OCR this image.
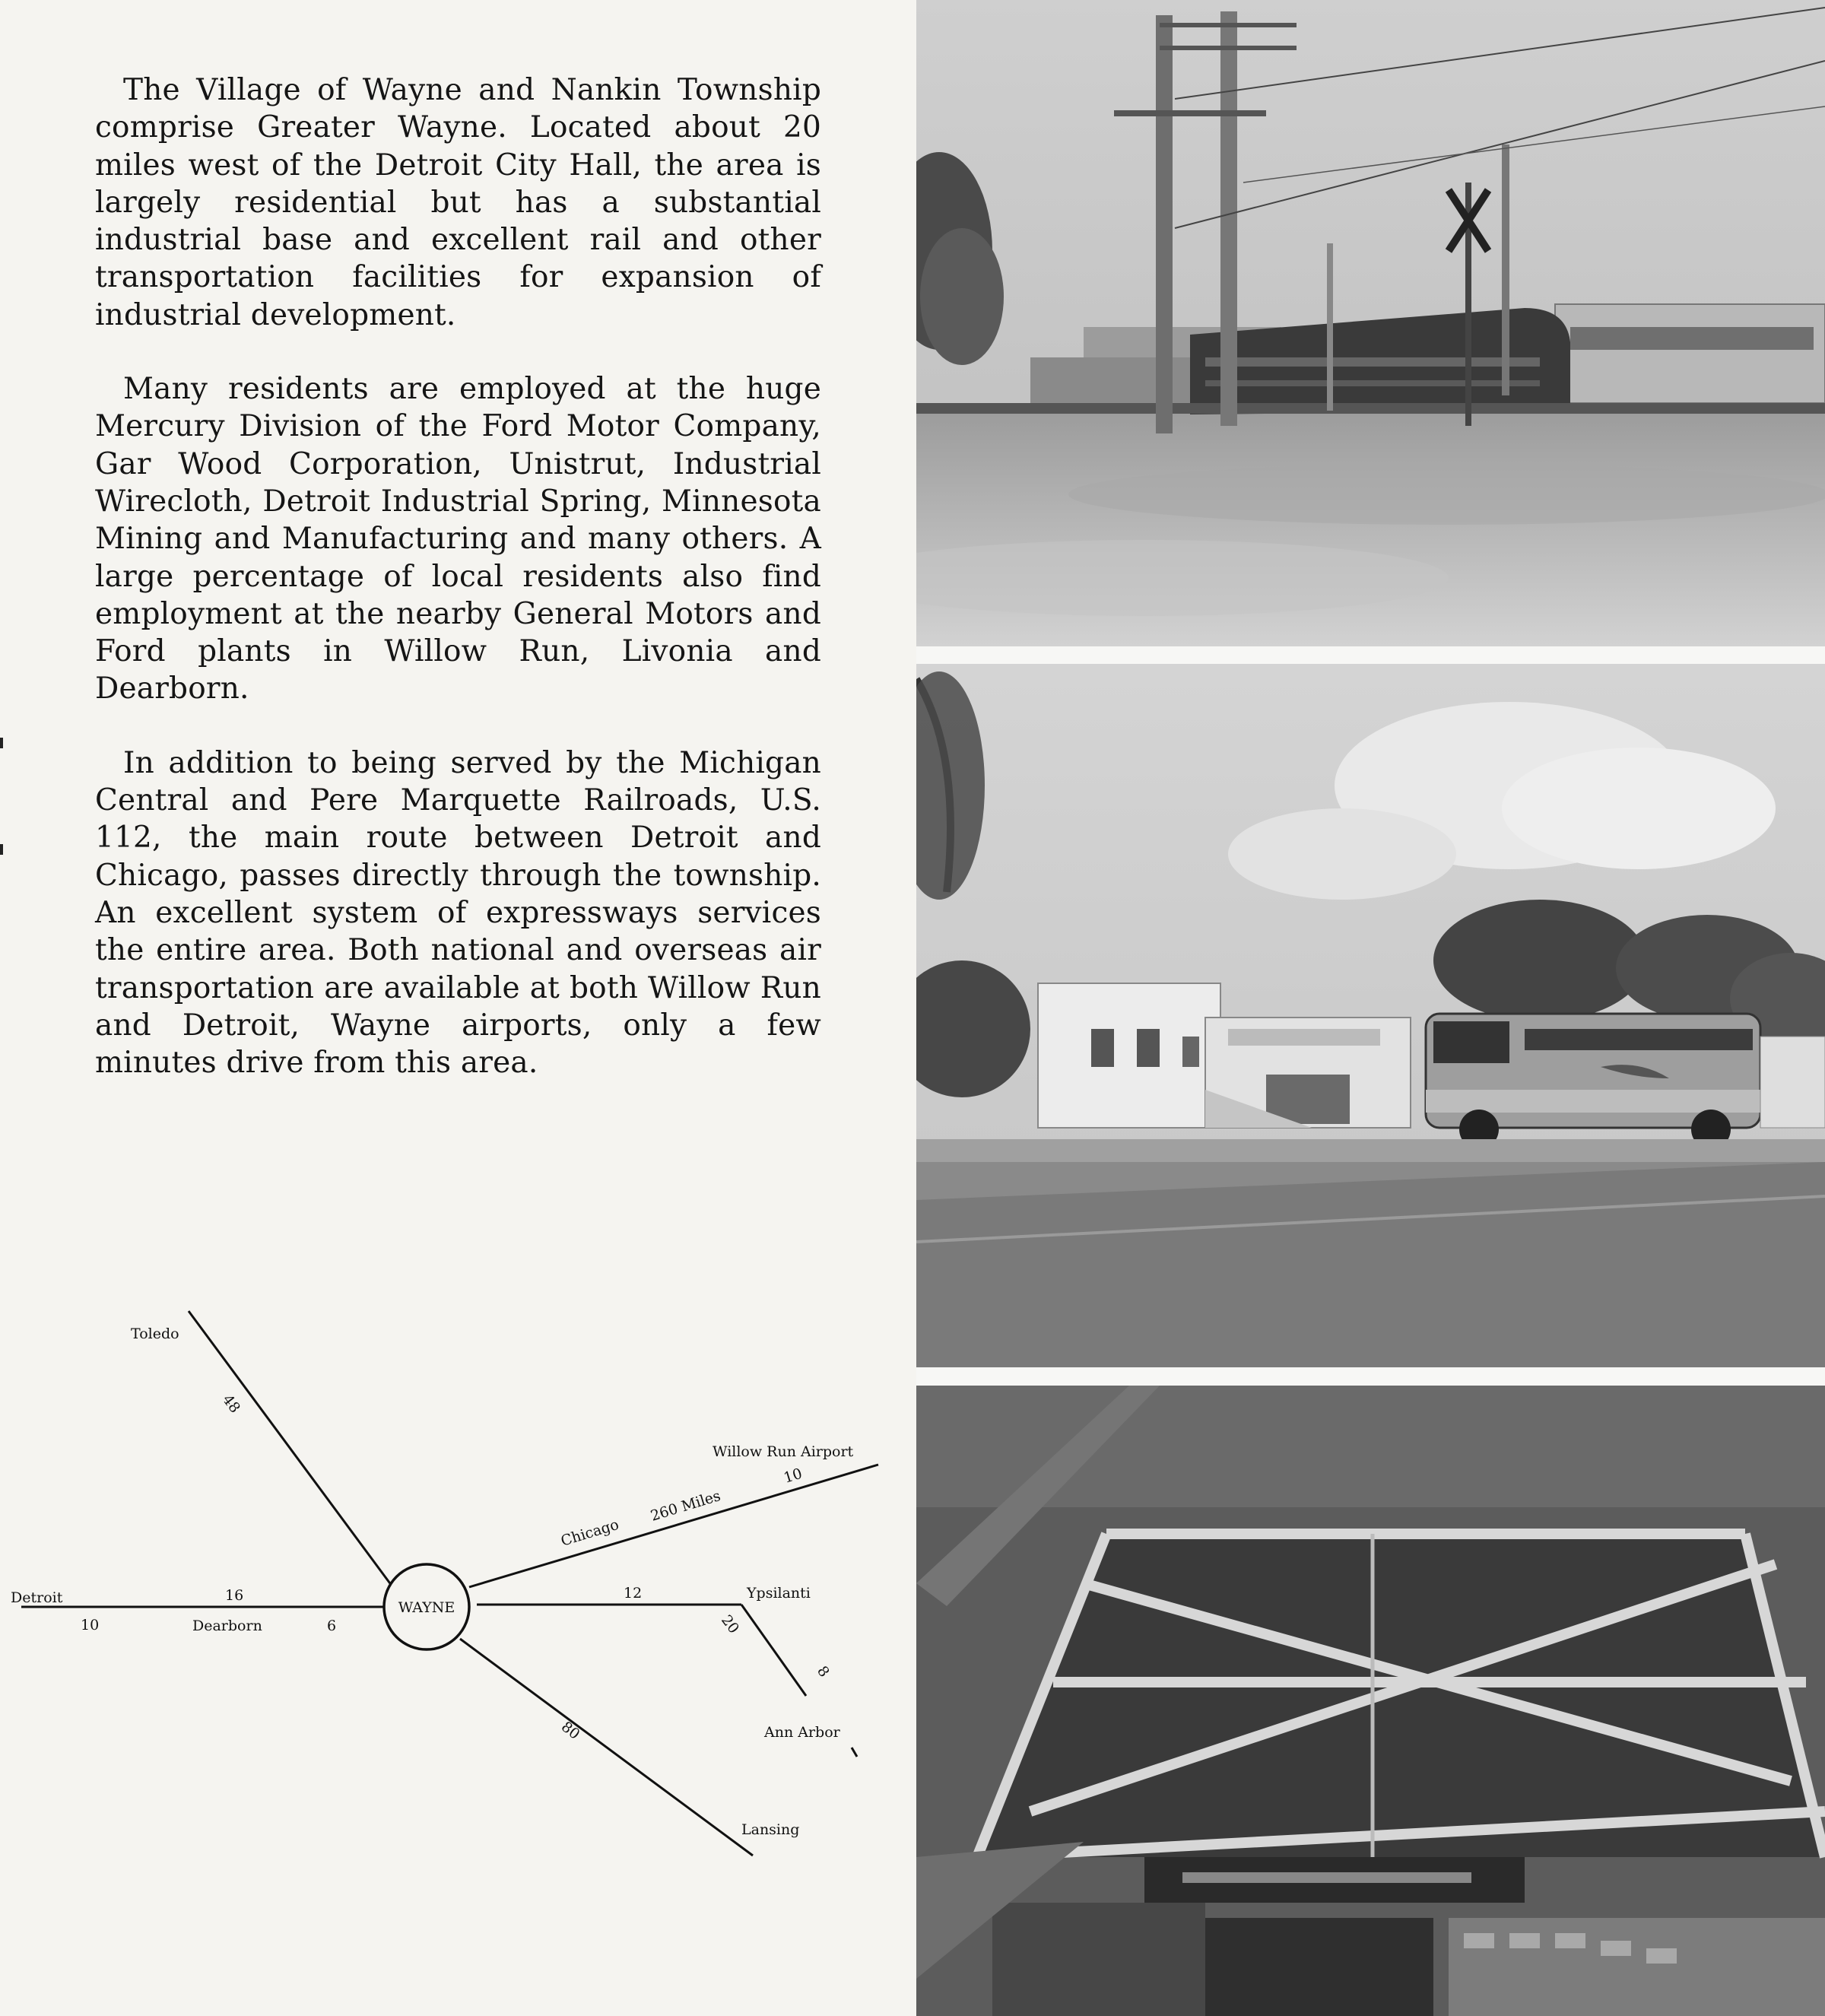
The Village of Wayne and Nankin Township comprise Greater Wayne. Located about 20 miles west of the Detroit City Hall, the area is largely residential but has a substantial industrial base and excellent rail and other transportation facilities for expansion of industrial development.

Many residents are employed at the huge Mercury Division of the Ford Motor Company, Gar Wood Corporation, Unistrut, Industrial Wirecloth, Detroit Industrial Spring, Minnesota Mining and Manufacturing and many others. A large percentage of local residents also find employment at the nearby General Motors and Ford plants in Willow Run, Livonia and Dearborn.

In addition to being served by the Michigan Central and Pere Marquette Railroads, U.S. 112, the main route between Detroit and Chicago, passes directly through the township. An excellent system of expressways services the entire area. Both national and overseas air transportation are available at both Willow Run and Detroit, Wayne airports, only a few minutes drive from this area.

WAYNE
Toledo
Detroit
Dearborn
Willow Run Airport
Ypsilanti
Ann Arbor
Lansing
48
16
10	6
10
Chicago
260 Miles
12
20
8
80
